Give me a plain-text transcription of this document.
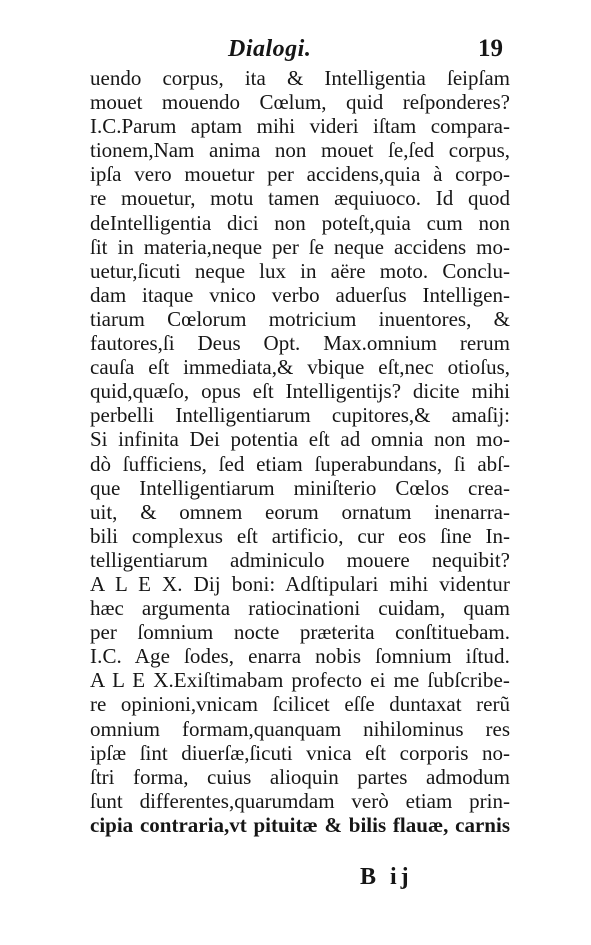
Dialogi.	19
uendo corpus, ita & Intelligentia ſeipſam
mouet mouendo Cœlum, quid reſponderes?
I.C.Parum aptam mihi videri iſtam compara-
tionem,Nam anima non mouet ſe,ſed corpus,
ipſa vero mouetur per accidens,quia à corpo-
re mouetur, motu tamen æquiuoco. Id quod
deIntelligentia dici non poteſt,quia cum non
ſit in materia,neque per ſe neque accidens mo-
uetur,ſicuti neque lux in aëre moto. Conclu-
dam itaque vnico verbo aduerſus Intelligen-
tiarum Cœlorum motricium inuentores, &
fautores,ſi Deus Opt. Max.omnium rerum
cauſa eſt immediata,& vbique eſt,nec otioſus,
quid,quæſo, opus eſt Intelligentijs? dicite mihi
perbelli Intelligentiarum cupitores,& amaſij:
Si infinita Dei potentia eſt ad omnia non mo-
dò ſufficiens, ſed etiam ſuperabundans, ſi abſ-
que Intelligentiarum miniſterio Cœlos crea-
uit, & omnem eorum ornatum inenarra-
bili complexus eſt artificio, cur eos ſine In-
telligentiarum adminiculo mouere nequibit?
A L E X. Dij boni: Adſtipulari mihi videntur
hæc argumenta ratiocinationi cuidam, quam
per ſomnium nocte præterita conſtituebam.
I.C. Age ſodes, enarra nobis ſomnium iſtud.
A L E X.Exiſtimabam profecto ei me ſubſcribe-
re opinioni,vnicam ſcilicet eſſe duntaxat rerũ
omnium formam,quanquam nihilominus res
ipſæ ſint diuerſæ,ſicuti vnica eſt corporis no-
ſtri forma, cuius alioquin partes admodum
ſunt differentes,quarumdam verò etiam prin-
cipia contraria,vt pituitæ & bilis flauæ, carnis
B ij
